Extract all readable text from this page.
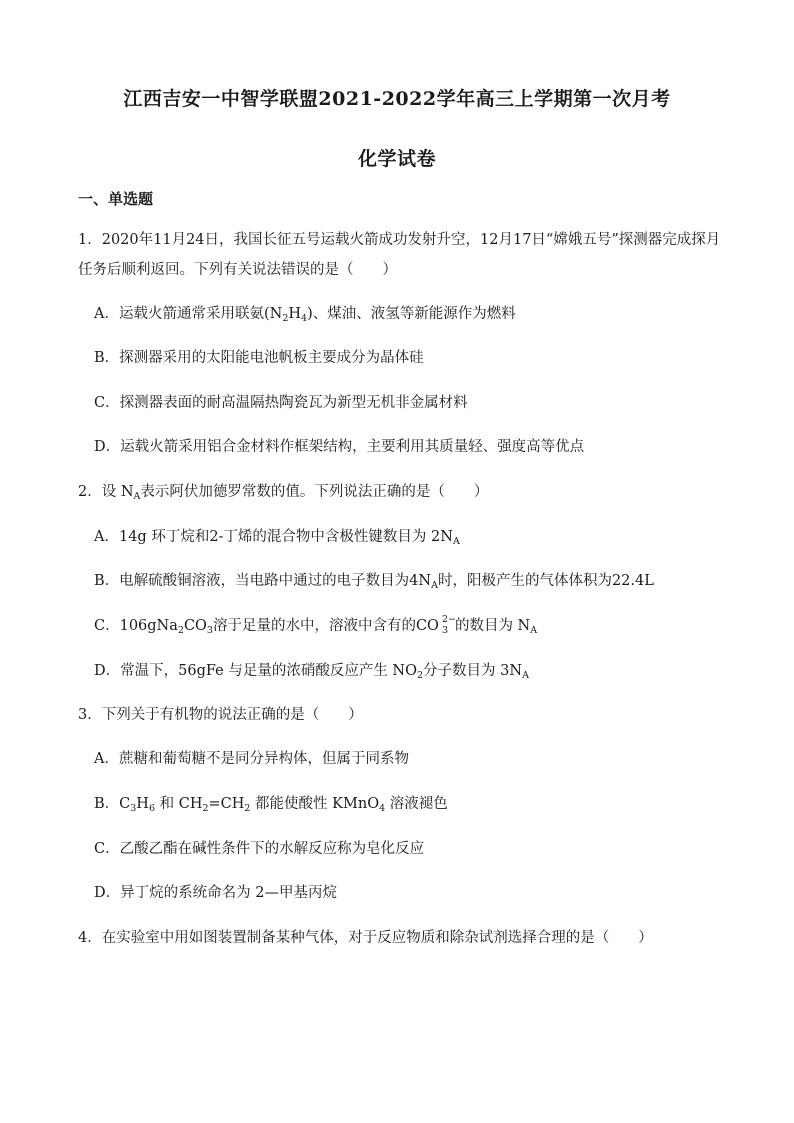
江西吉安一中智学联盟2021-2022学年高三上学期第一次月考
化学试卷
一、单选题
1．2020年11月24日，我国长征五号运载火箭成功发射升空，12月17日“嫦娥五号”探测器完成探月
任务后顺利返回。下列有关说法错误的是（　　）
A．运载火箭通常采用联氨$(N_2H_4)$、煤油、液氢等新能源作为燃料
B．探测器采用的太阳能电池帆板主要成分为晶体硅
C．探测器表面的耐高温隔热陶瓷瓦为新型无机非金属材料
D．运载火箭采用铝合金材料作框架结构，主要利用其质量轻、强度高等优点
2．设 $N_A$表示阿伏加德罗常数的值。下列说法正确的是（　　）
A．14g 环丁烷和2-丁烯的混合物中含极性键数目为 $2N_A$
B．电解硫酸铜溶液，当电路中通过的电子数目为$4N_A$时，阳极产生的气体体积为22.4L
C．$106gNa_2CO_3$溶于足量的水中，溶液中含有的CO 2−
3 的数目为 $N_A$
D．常温下，56gFe 与足量的浓硝酸反应产生 $NO_2$分子数目为 $3N_A$
3．下列关于有机物的说法正确的是（　　）
A．蔗糖和葡萄糖不是同分异构体，但属于同系物
B．$C_3H_6$ 和 $CH_2=CH_2$ 都能使酸性 KMnO$_4$ 溶液褪色
C．乙酸乙酯在碱性条件下的水解反应称为皂化反应
D．异丁烷的系统命名为 2—甲基丙烷
4．在实验室中用如图装置制备某种气体，对于反应物质和除杂试剂选择合理的是（　　）
